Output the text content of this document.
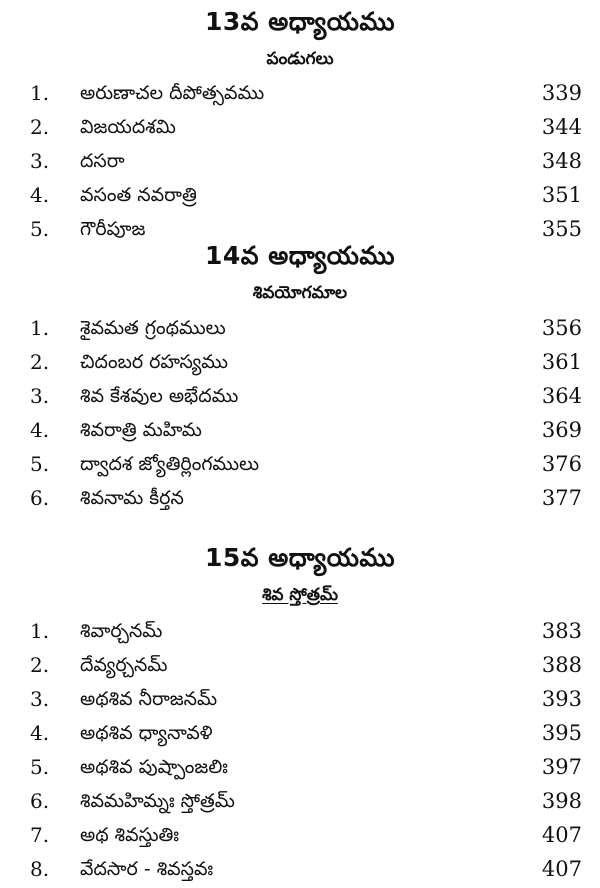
13వ అధ్యాయము
పండుగలు
1. అరుణాచల దీపోత్సవము	339
2. విజయదశమి	344
3. దసరా	348
4. వసంత నవరాత్రి	351
5. గౌరీపూజ	355
14వ అధ్యాయము
శివయోగమాల
1. శైవమత గ్రంథములు	356
2. చిదంబర రహస్యము	361
3. శివ కేశవుల అభేదము	364
4. శివరాత్రి మహిమ	369
5. ద్వాదశ జ్యోతిర్లింగములు	376
6. శివనామ కీర్తన	377
15వ అధ్యాయము
శివ స్తోత్రమ్
1. శివార్చనమ్	383
2. దేవ్యర్చనమ్	388
3. అథశివ నీరాజనమ్	393
4. అథశివ ధ్యానావళి	395
5. అథశివ పుష్పాంజలిః	397
6. శివమహిమ్నః స్తోత్రమ్	398
7. అథ శివస్తుతిః	407
8. వేదసార - శివస్తవః	407
